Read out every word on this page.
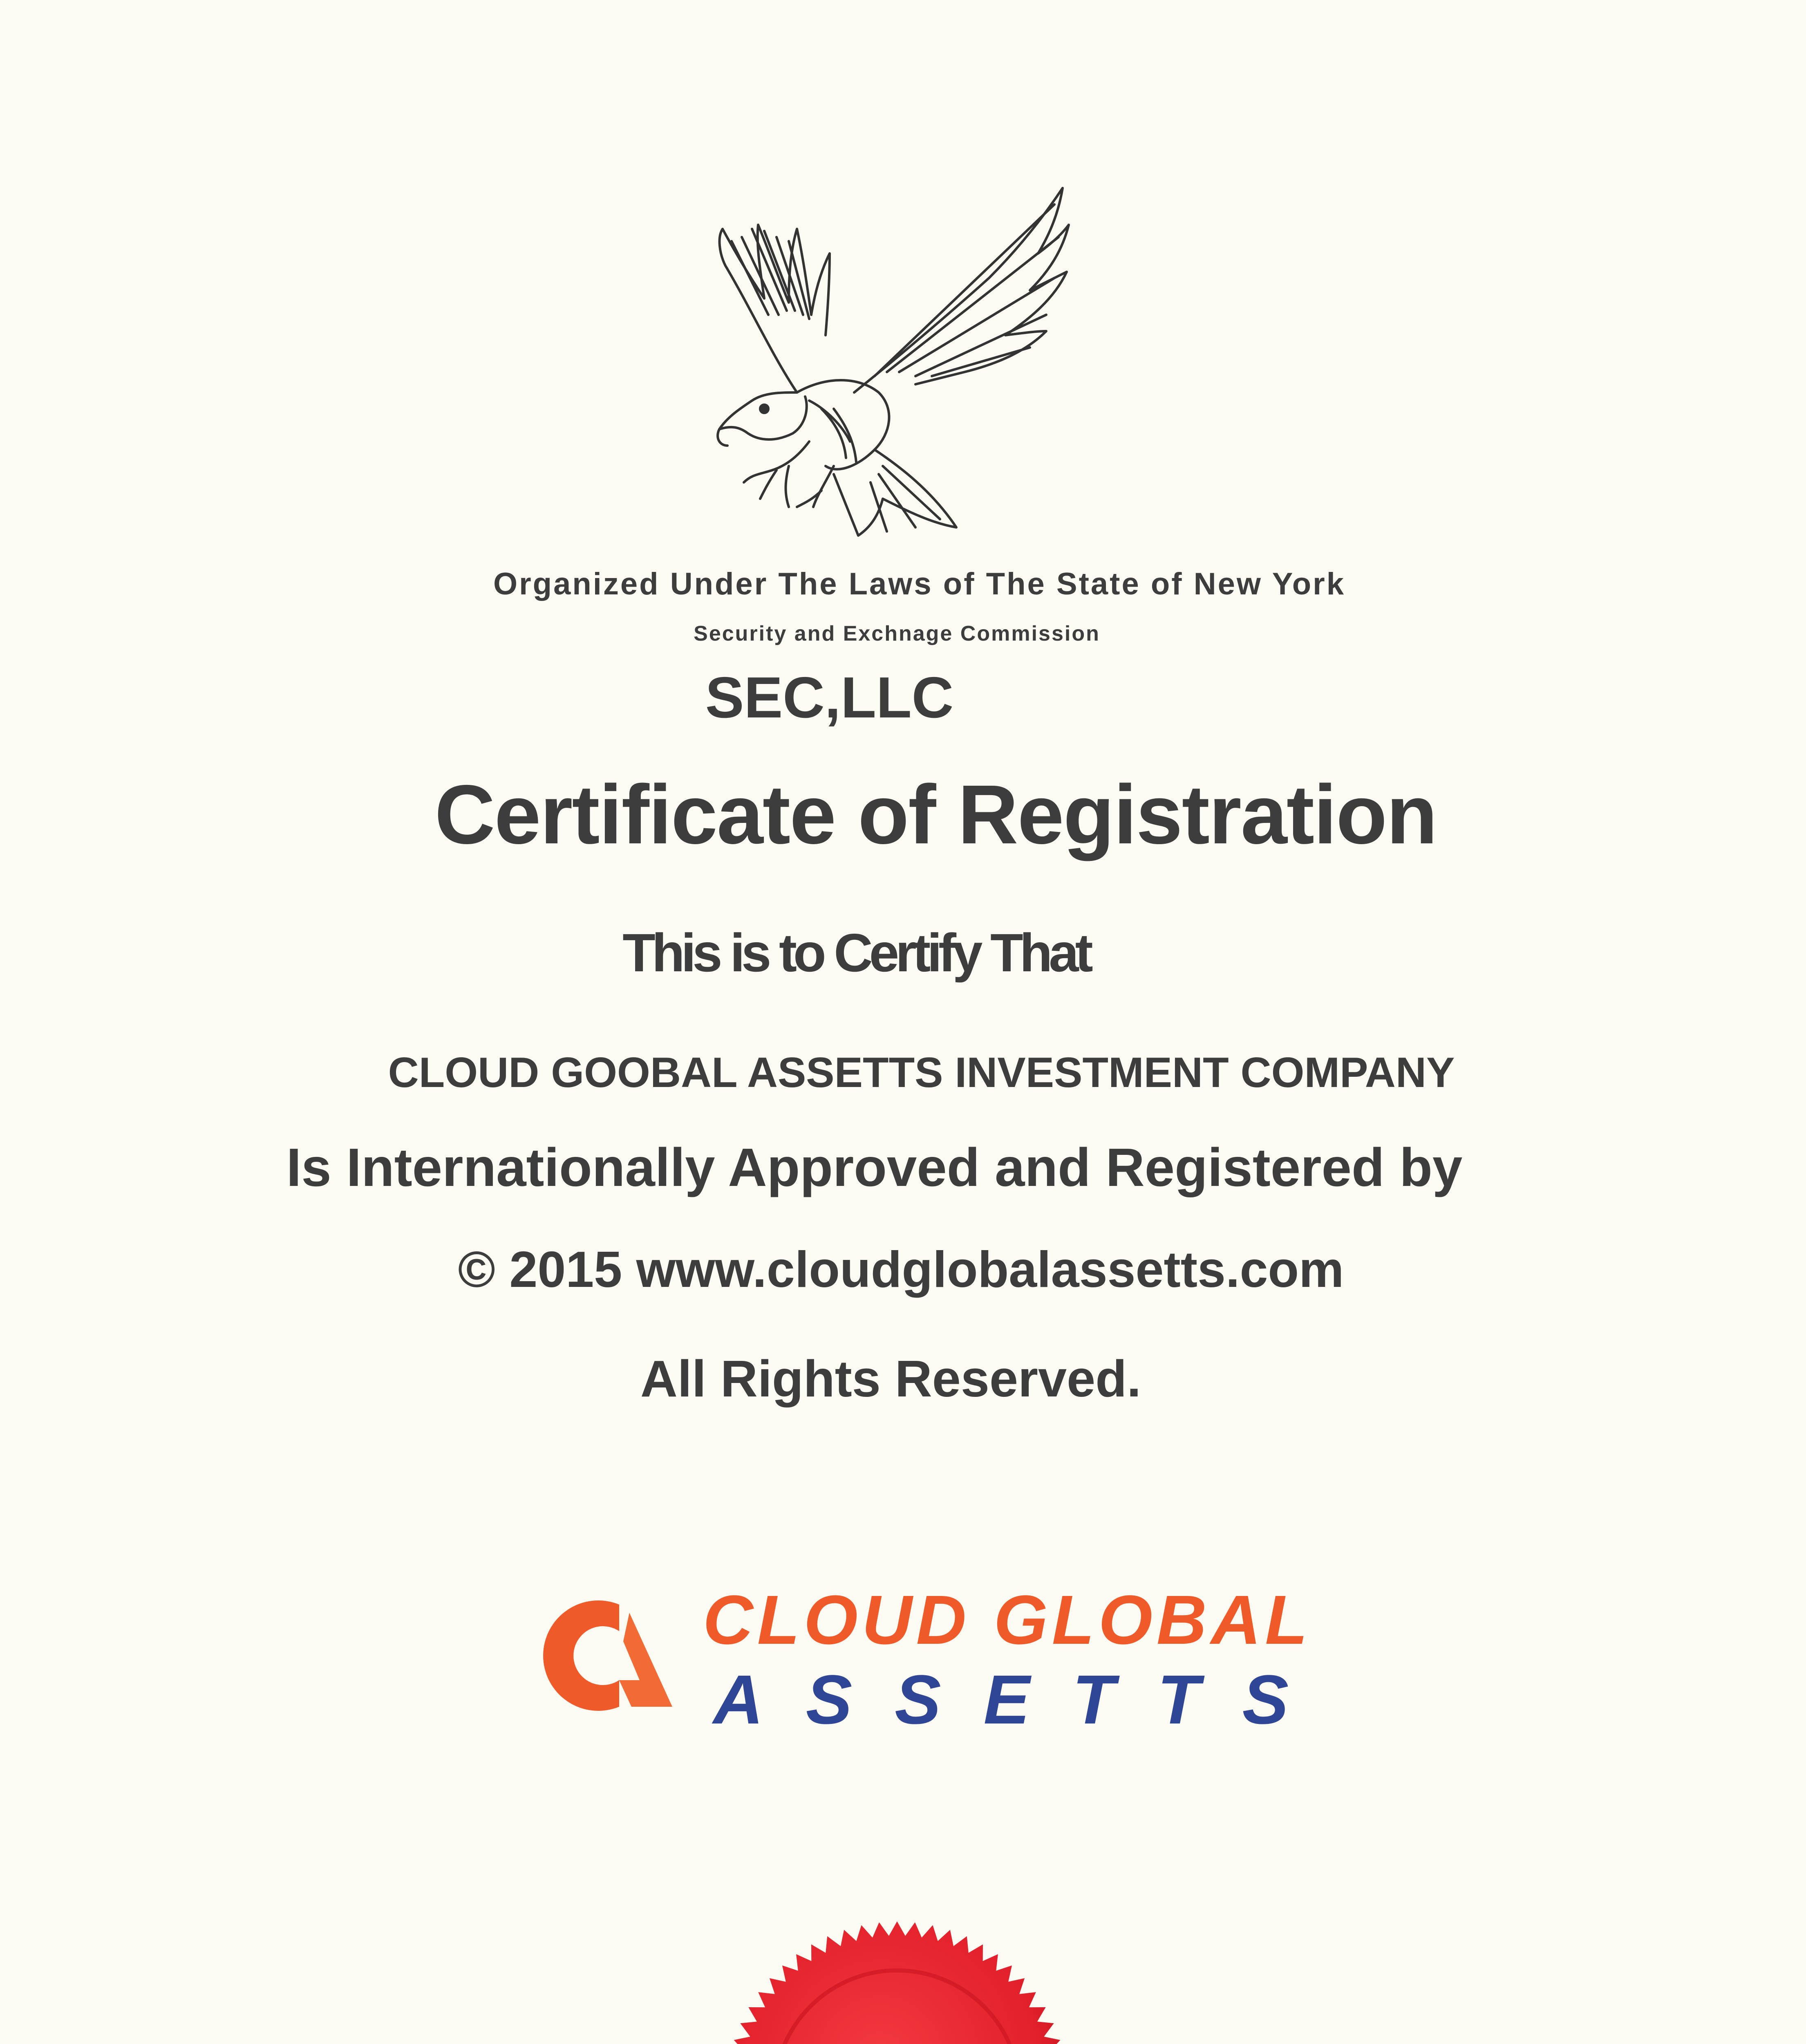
Organized Under The Laws of The State of New York
Security and Exchnage Commission
SEC,LLC
Certificate of Registration
This is to Certify That
CLOUD GOOBAL ASSETTS INVESTMENT COMPANY
Is Internationally Approved and Registered by
© 2015 www.cloudglobalassetts.com
All Rights Reserved.
CLOUD GLOBAL
ASSETTS
